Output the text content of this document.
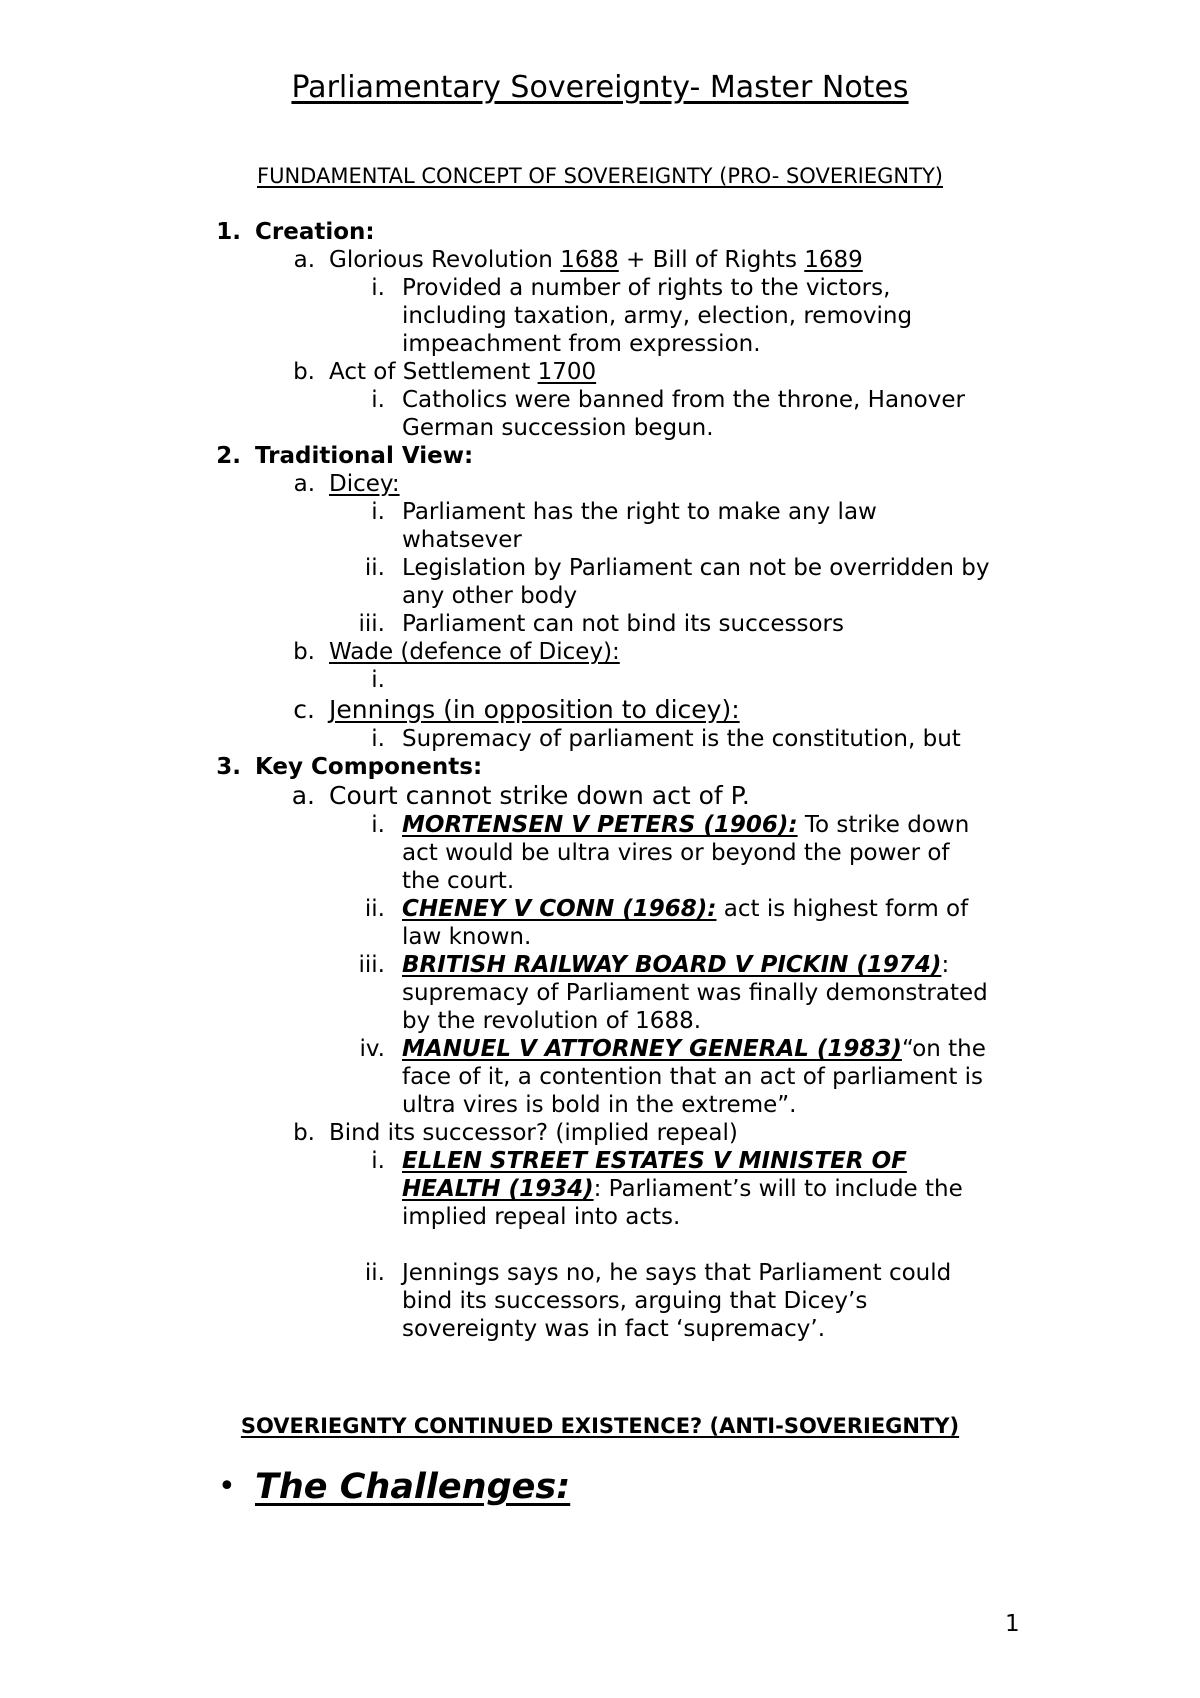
Parliamentary Sovereignty- Master Notes
FUNDAMENTAL CONCEPT OF SOVEREIGNTY (PRO- SOVERIEGNTY)
1. Creation:
a. Glorious Revolution 1688 + Bill of Rights 1689
i. Provided a number of rights to the victors,
including taxation, army, election, removing
impeachment from expression.
b. Act of Settlement 1700
i. Catholics were banned from the throne, Hanover
German succession begun.
2. Traditional View:
a. Dicey:
i. Parliament has the right to make any law
whatsever
ii. Legislation by Parliament can not be overridden by
any other body
iii. Parliament can not bind its successors
b. Wade (defence of Dicey):
i.
c. Jennings (in opposition to dicey):
i. Supremacy of parliament is the constitution, but
3. Key Components:
a. Court cannot strike down act of P.
i. MORTENSEN V PETERS (1906): To strike down
act would be ultra vires or beyond the power of
the court.
ii. CHENEY V CONN (1968): act is highest form of
law known.
iii. BRITISH RAILWAY BOARD V PICKIN (1974):
supremacy of Parliament was finally demonstrated
by the revolution of 1688.
iv. MANUEL V ATTORNEY GENERAL (1983)“on the
face of it, a contention that an act of parliament is
ultra vires is bold in the extreme”.
b. Bind its successor? (implied repeal)
i. ELLEN STREET ESTATES V MINISTER OF
HEALTH (1934): Parliament’s will to include the
implied repeal into acts.
ii. Jennings says no, he says that Parliament could
bind its successors, arguing that Dicey’s
sovereignty was in fact ‘supremacy’.
SOVERIEGNTY CONTINUED EXISTENCE? (ANTI-SOVERIEGNTY)
• The Challenges:
1
